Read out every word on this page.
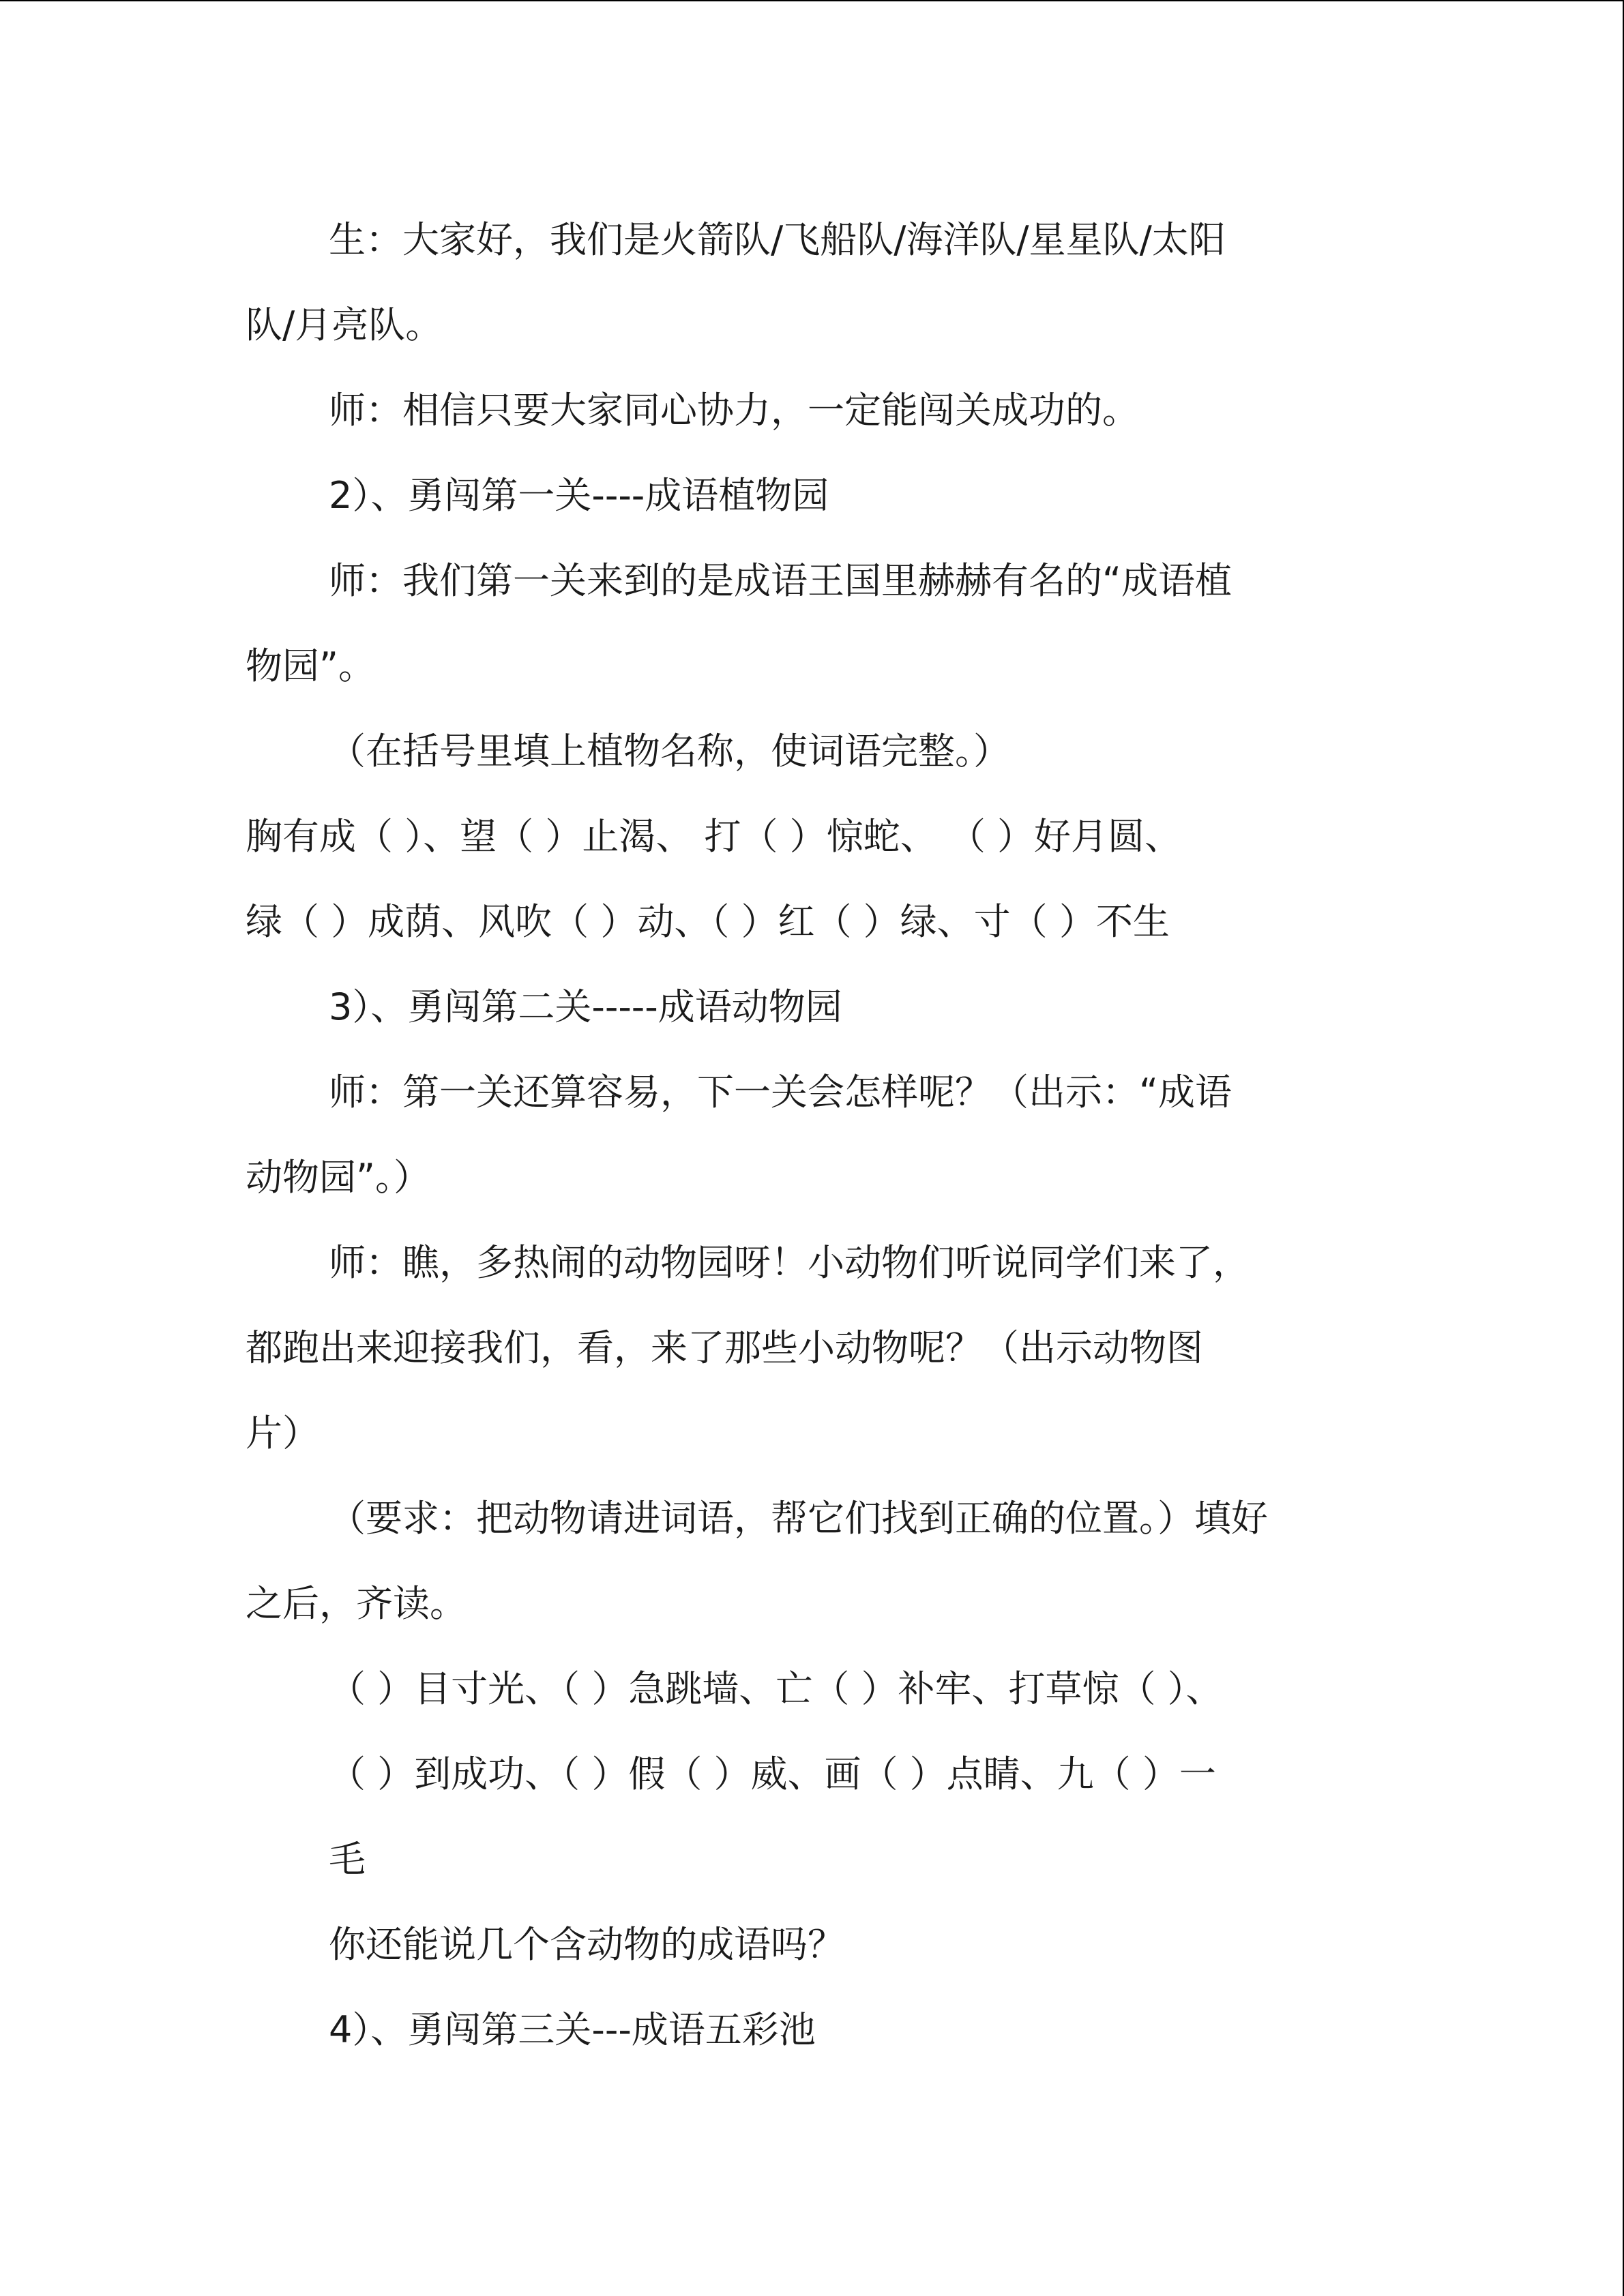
生：大家好，我们是火箭队/飞船队/海洋队/星星队/太阳

队/月亮队。

师：相信只要大家同心协力，一定能闯关成功的。

2）、勇闯第一关----成语植物园

师：我们第一关来到的是成语王国里赫赫有名的“成语植

物园”。

（在括号里填上植物名称，使词语完整。）

胸有成（ ）、望（ ）止渴、 打（ ）惊蛇、 （ ）好月圆、

绿（ ）成荫、风吹（ ）动、（ ）红（ ）绿、寸（ ）不生

3）、勇闯第二关-----成语动物园

师：第一关还算容易，下一关会怎样呢？（出示：“成语

动物园”。）

师：瞧，多热闹的动物园呀！小动物们听说同学们来了，

都跑出来迎接我们，看，来了那些小动物呢？（出示动物图

片）

（要求：把动物请进词语，帮它们找到正确的位置。）填好

之后，齐读。

（ ）目寸光、（ ）急跳墙、亡（ ）补牢、打草惊（ ）、

（ ）到成功、（ ）假（ ）威、画（ ）点睛、九（ ）一

毛

你还能说几个含动物的成语吗？

4）、勇闯第三关---成语五彩池
